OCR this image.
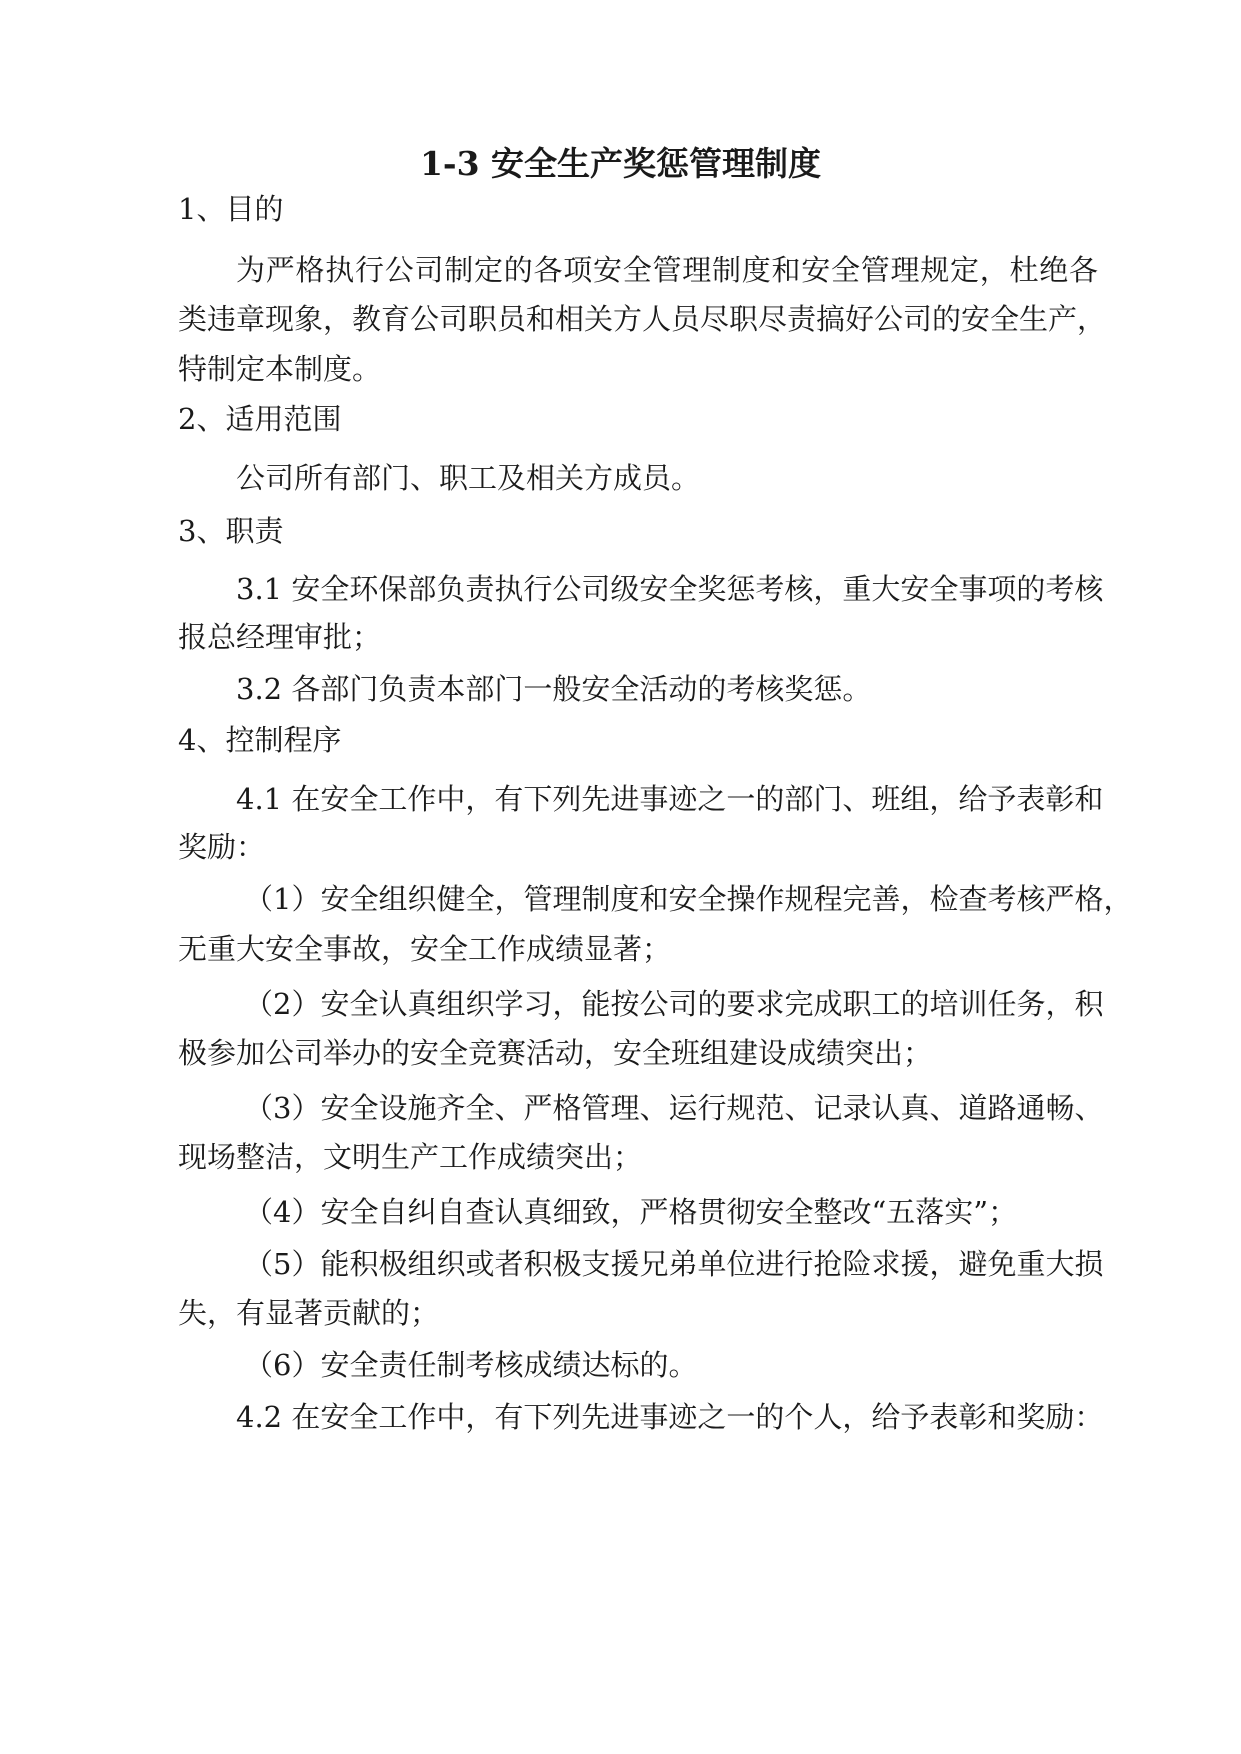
1-3 安全生产奖惩管理制度

1、目的

为严格执行公司制定的各项安全管理制度和安全管理规定，杜绝各

类违章现象，教育公司职员和相关方人员尽职尽责搞好公司的安全生产，

特制定本制度。

2、适用范围

公司所有部门、职工及相关方成员。

3、职责

3.1 安全环保部负责执行公司级安全奖惩考核，重大安全事项的考核

报总经理审批；

3.2 各部门负责本部门一般安全活动的考核奖惩。

4、控制程序

4.1 在安全工作中，有下列先进事迹之一的部门、班组，给予表彰和

奖励：

（1）安全组织健全，管理制度和安全操作规程完善，检查考核严格，

无重大安全事故，安全工作成绩显著；

（2）安全认真组织学习，能按公司的要求完成职工的培训任务，积

极参加公司举办的安全竞赛活动，安全班组建设成绩突出；

（3）安全设施齐全、严格管理、运行规范、记录认真、道路通畅、

现场整洁，文明生产工作成绩突出；

（4）安全自纠自查认真细致，严格贯彻安全整改“五落实”；

（5）能积极组织或者积极支援兄弟单位进行抢险求援，避免重大损

失，有显著贡献的；

（6）安全责任制考核成绩达标的。

4.2 在安全工作中，有下列先进事迹之一的个人，给予表彰和奖励：
